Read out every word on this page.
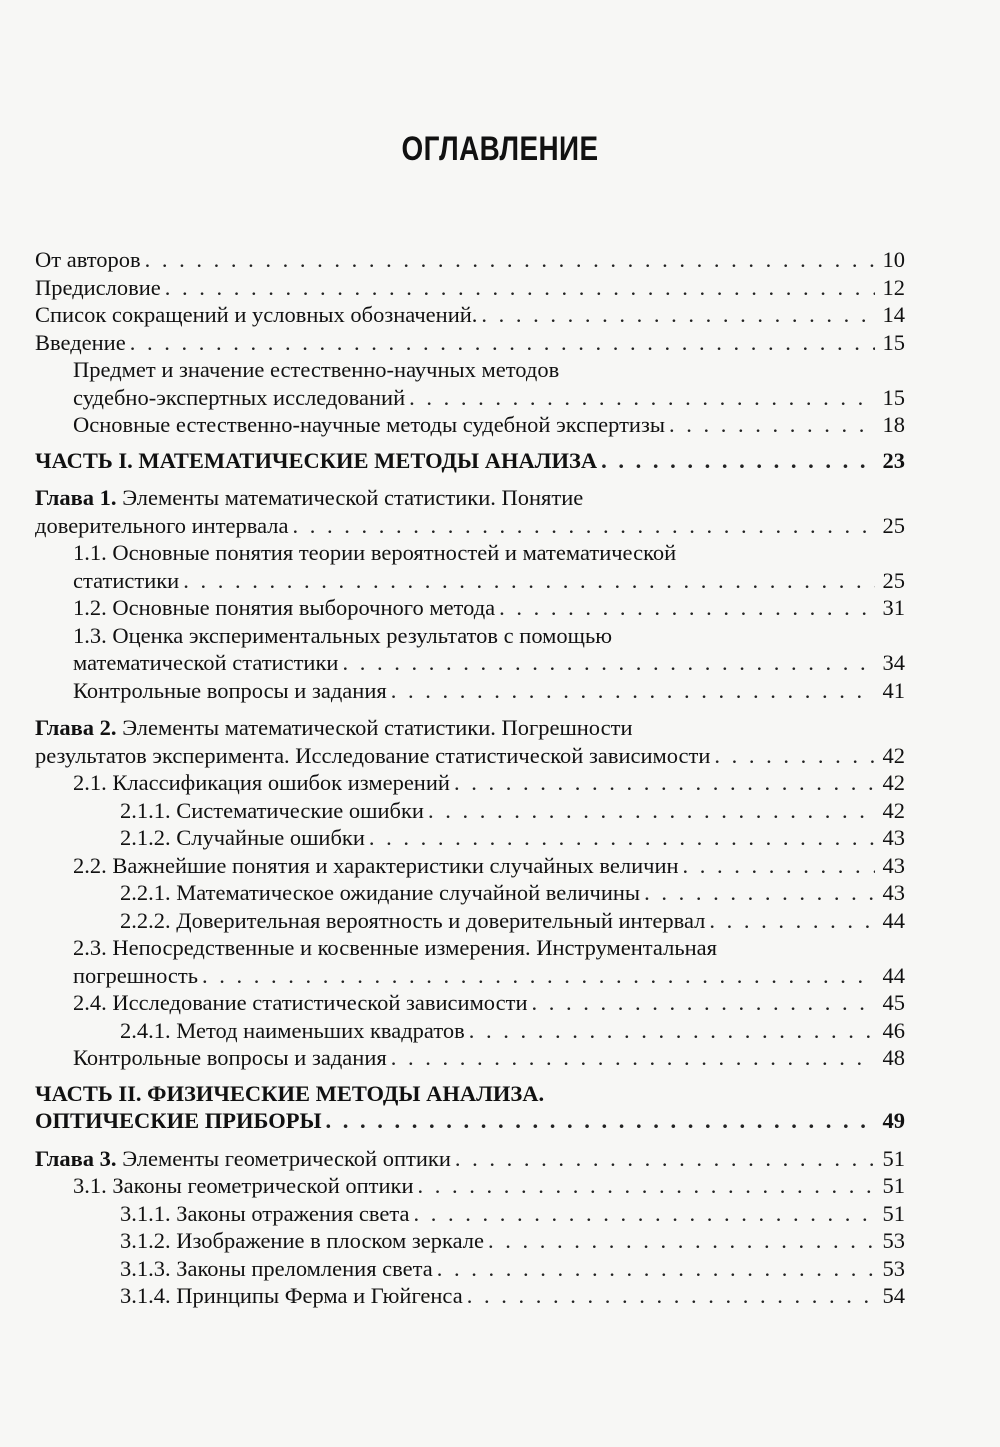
ОГЛАВЛЕНИЕ
От авторов . . .	10
Предисловие . . .	12
Список сокращений и условных обозначений. . . .	14
Введение . . .	15
Предмет и значение естественно-научных методов
судебно-экспертных исследований . . .	15
Основные естественно-научные методы судебной экспертизы . . .	18
ЧАСТЬ I. МАТЕМАТИЧЕСКИЕ МЕТОДЫ АНАЛИЗА . . .	23
Глава 1. Элементы математической статистики. Понятие
доверительного интервала . . .	25
1.1. Основные понятия теории вероятностей и математической
статистики . . .	25
1.2. Основные понятия выборочного метода . . .	31
1.3. Оценка экспериментальных результатов с помощью
математической статистики . . .	34
Контрольные вопросы и задания . . .	41
Глава 2. Элементы математической статистики. Погрешности
результатов эксперимента. Исследование статистической зависимости . . .	42
2.1. Классификация ошибок измерений . . .	42
2.1.1. Систематические ошибки . . .	42
2.1.2. Случайные ошибки . . .	43
2.2. Важнейшие понятия и характеристики случайных величин . . .	43
2.2.1. Математическое ожидание случайной величины . . .	43
2.2.2. Доверительная вероятность и доверительный интервал . . .	44
2.3. Непосредственные и косвенные измерения. Инструментальная
погрешность . . .	44
2.4. Исследование статистической зависимости . . .	45
2.4.1. Метод наименьших квадратов . . .	46
Контрольные вопросы и задания . . .	48
ЧАСТЬ II. ФИЗИЧЕСКИЕ МЕТОДЫ АНАЛИЗА.
ОПТИЧЕСКИЕ ПРИБОРЫ . . .	49
Глава 3. Элементы геометрической оптики . . .	51
3.1. Законы геометрической оптики . . .	51
3.1.1. Законы отражения света . . .	51
3.1.2. Изображение в плоском зеркале . . .	53
3.1.3. Законы преломления света . . .	53
3.1.4. Принципы Ферма и Гюйгенса . . .	54
